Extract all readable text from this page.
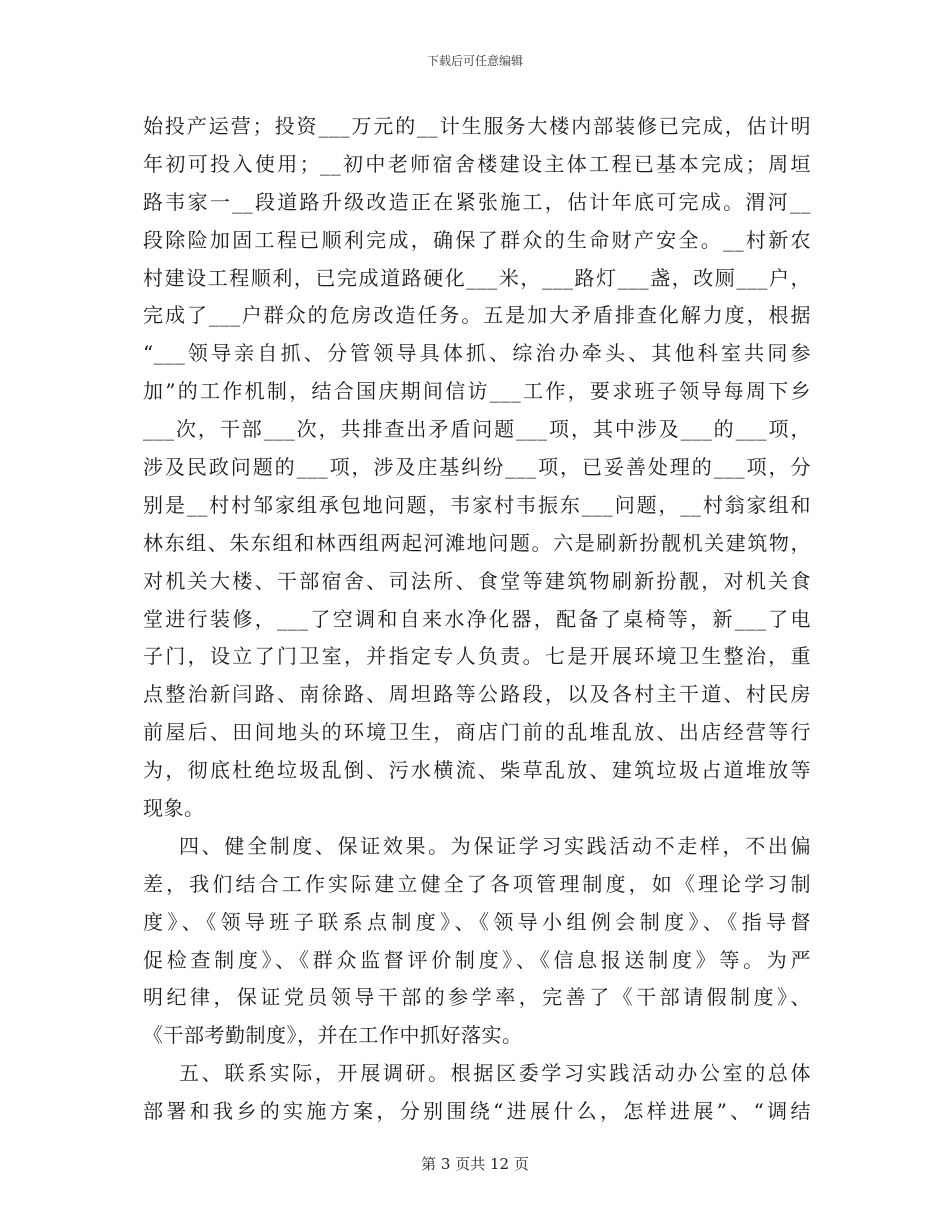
下载后可任意编辑
始投产运营；投资___万元的__计生服务大楼内部装修已完成，估计明
年初可投入使用；__初中老师宿舍楼建设主体工程已基本完成；周垣
路韦家一__段道路升级改造正在紧张施工，估计年底可完成。渭河__
段除险加固工程已顺利完成，确保了群众的生命财产安全。__村新农
村建设工程顺利，已完成道路硬化___米，___路灯___盏，改厕___户，
完成了___户群众的危房改造任务。五是加大矛盾排查化解力度，根据
“___领导亲自抓、分管领导具体抓、综治办牵头、其他科室共同参
加”的工作机制，结合国庆期间信访___工作，要求班子领导每周下乡
___次，干部___次，共排查出矛盾问题___项，其中涉及___的___项，
涉及民政问题的___项，涉及庄基纠纷___项，已妥善处理的___项，分
别是__村村邹家组承包地问题，韦家村韦振东___问题，__村翁家组和
林东组、朱东组和林西组两起河滩地问题。六是刷新扮靓机关建筑物，
对机关大楼、干部宿舍、司法所、食堂等建筑物刷新扮靓，对机关食
堂进行装修，___了空调和自来水净化器，配备了桌椅等，新___了电
子门，设立了门卫室，并指定专人负责。七是开展环境卫生整治，重
点整治新闫路、南徐路、周坦路等公路段，以及各村主干道、村民房
前屋后、田间地头的环境卫生，商店门前的乱堆乱放、出店经营等行
为，彻底杜绝垃圾乱倒、污水横流、柴草乱放、建筑垃圾占道堆放等
现象。
四、健全制度、保证效果。为保证学习实践活动不走样，不出偏
差，我们结合工作实际建立健全了各项管理制度，如《理论学习制
度》、《领导班子联系点制度》、《领导小组例会制度》、《指导督
促检查制度》、《群众监督评价制度》、《信息报送制度》等。为严
明纪律，保证党员领导干部的参学率，完善了《干部请假制度》、
《干部考勤制度》，并在工作中抓好落实。
五、联系实际，开展调研。根据区委学习实践活动办公室的总体
部署和我乡的实施方案，分别围绕“进展什么，怎样进展”、“调结
第 3 页共 12 页
